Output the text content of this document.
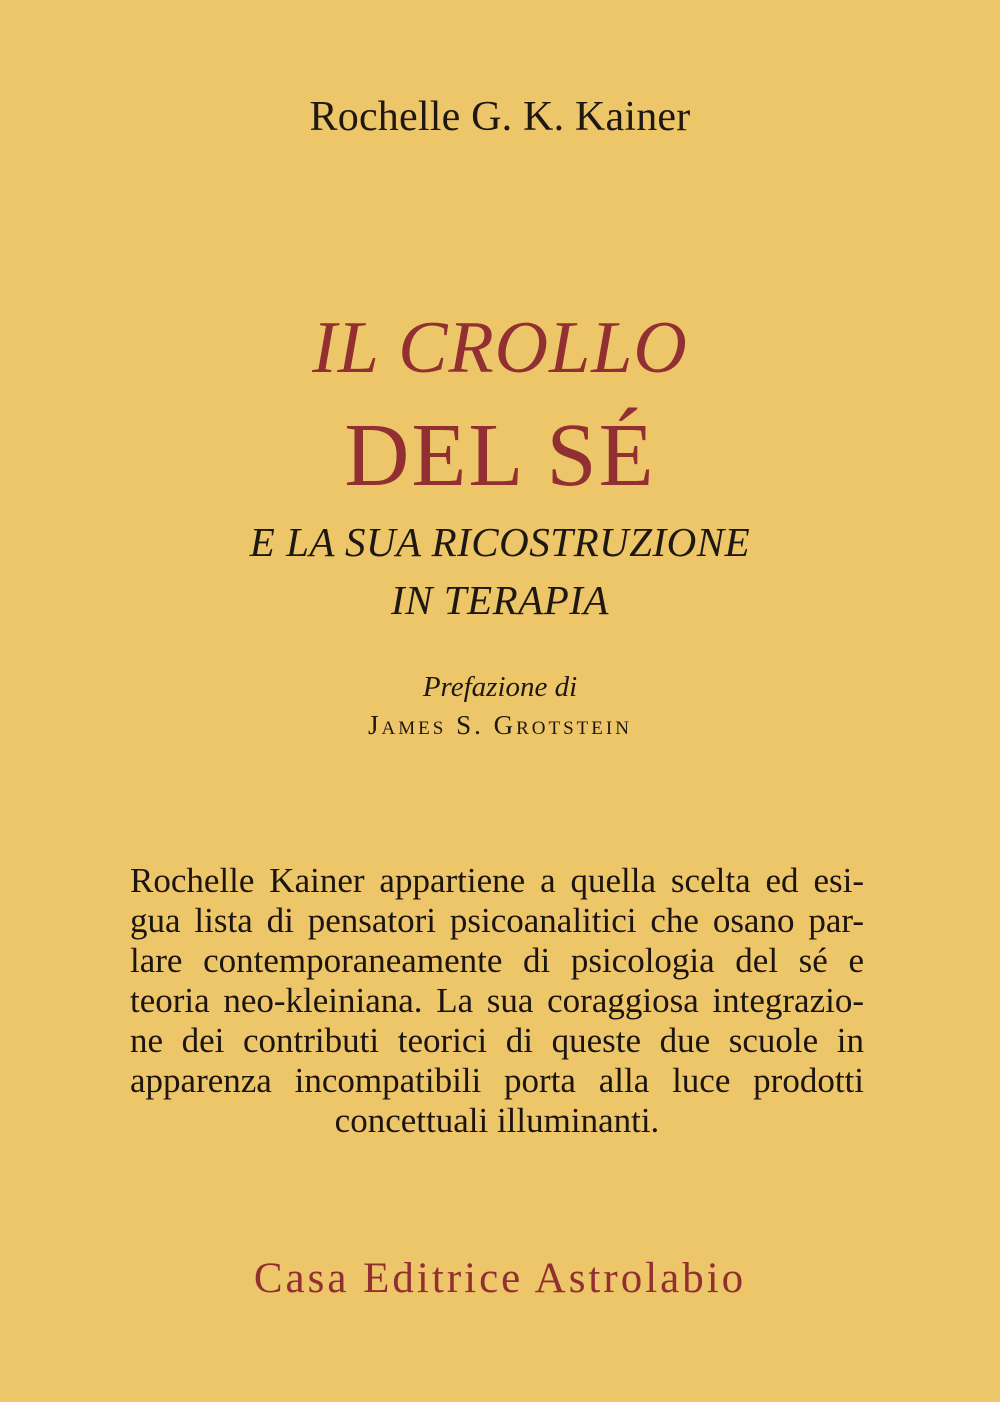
Rochelle G. K. Kainer
IL CROLLO
DEL SÉ
E LA SUA RICOSTRUZIONE
IN TERAPIA
Prefazione di
James S. Grotstein
Rochelle Kainer appartiene a quella scelta ed esi-
gua lista di pensatori psicoanalitici che osano par-
lare contemporaneamente di psicologia del sé e
teoria neo-kleiniana. La sua coraggiosa integrazio-
ne dei contributi teorici di queste due scuole in
apparenza incompatibili porta alla luce prodotti
concettuali illuminanti.
Casa Editrice Astrolabio
